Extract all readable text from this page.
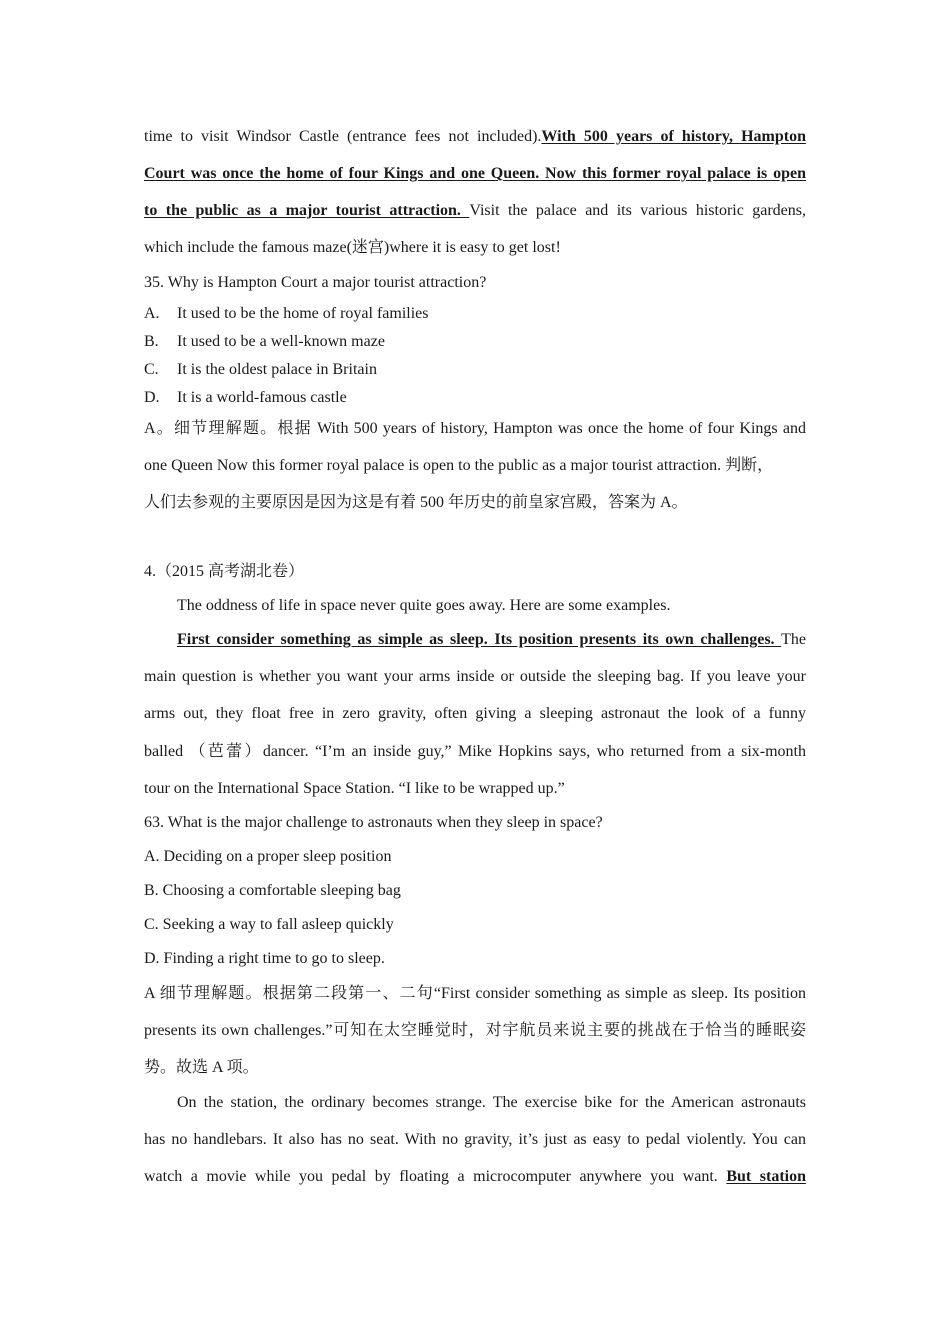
time to visit Windsor Castle (entrance fees not included).With 500 years of history, Hampton
Court was once the home of four Kings and one Queen. Now this former royal palace is open
to the public as a major tourist attraction. Visit the palace and its various historic gardens,
which include the famous maze(迷宫)where it is easy to get lost!
35. Why is Hampton Court a major tourist attraction?
A. It used to be the home of royal families
B. It used to be a well-known maze
C. It is the oldest palace in Britain
D. It is a world-famous castle
A。细节理解题。根据 With 500 years of history, Hampton was once the home of four Kings and
one Queen Now this former royal palace is open to the public as a major tourist attraction. 判断，
人们去参观的主要原因是因为这是有着 500 年历史的前皇家宫殿，答案为 A。
4.（2015 高考湖北卷）
The oddness of life in space never quite goes away. Here are some examples.
First consider something as simple as sleep. Its position presents its own challenges. The
main question is whether you want your arms inside or outside the sleeping bag. If you leave your
arms out, they float free in zero gravity, often giving a sleeping astronaut the look of a funny
balled （芭蕾）dancer. “I’m an inside guy,” Mike Hopkins says, who returned from a six-month
tour on the International Space Station. “I like to be wrapped up.”
63. What is the major challenge to astronauts when they sleep in space?
A. Deciding on a proper sleep position
B. Choosing a comfortable sleeping bag
C. Seeking a way to fall asleep quickly
D. Finding a right time to go to sleep.
A 细节理解题。根据第二段第一、二句“First consider something as simple as sleep. Its position
presents its own challenges.”可知在太空睡觉时，对宇航员来说主要的挑战在于恰当的睡眠姿
势。故选 A 项。
On the station, the ordinary becomes strange. The exercise bike for the American astronauts
has no handlebars. It also has no seat. With no gravity, it’s just as easy to pedal violently. You can
watch a movie while you pedal by floating a microcomputer anywhere you want. But station
